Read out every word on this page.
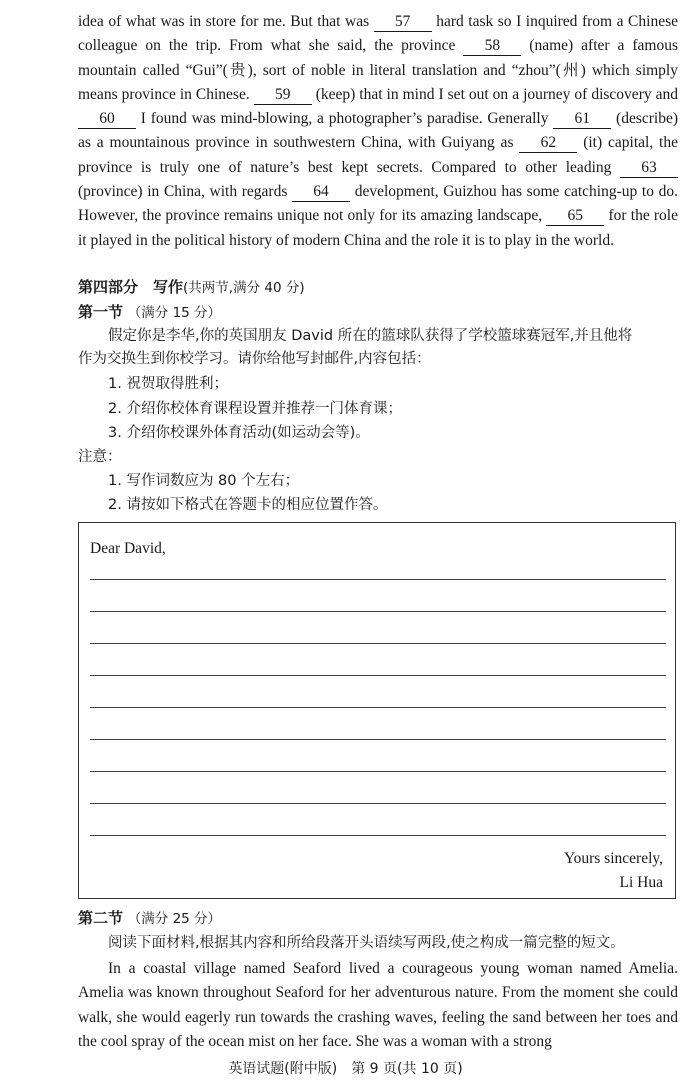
idea of what was in store for me. But that was 57 hard task so I inquired from a Chinese colleague on the trip. From what she said, the province 58 (name) after a famous mountain called “Gui”(贵), sort of noble in literal translation and “zhou”(州) which simply means province in Chinese. 59 (keep) that in mind I set out on a journey of discovery and 60 I found was mind-blowing, a photographer’s paradise. Generally 61 (describe) as a mountainous province in southwestern China, with Guiyang as 62 (it) capital, the province is truly one of nature’s best kept secrets. Compared to other leading 63 (province) in China, with regards 64 development, Guizhou has some catching-up to do. However, the province remains unique not only for its amazing landscape, 65 for the role it played in the political history of modern China and the role it is to play in the world.
第四部分　写作(共两节,满分 40 分)
第一节 （满分 15 分）
假定你是李华,你的英国朋友 David 所在的篮球队获得了学校篮球赛冠军,并且他将
作为交换生到你校学习。请你给他写封邮件,内容包括：
1. 祝贺取得胜利；
2. 介绍你校体育课程设置并推荐一门体育课；
3. 介绍你校课外体育活动(如运动会等)。
注意：
1. 写作词数应为 80 个左右；
2. 请按如下格式在答题卡的相应位置作答。
Dear David,
Yours sincerely,
Li Hua
第二节 （满分 25 分）
阅读下面材料,根据其内容和所给段落开头语续写两段,使之构成一篇完整的短文。
In a coastal village named Seaford lived a courageous young woman named Amelia. Amelia was known throughout Seaford for her adventurous nature. From the moment she could walk, she would eagerly run towards the crashing waves, feeling the sand between her toes and the cool spray of the ocean mist on her face. She was a woman with a strong
英语试题(附中版)　第 9 页(共 10 页)
